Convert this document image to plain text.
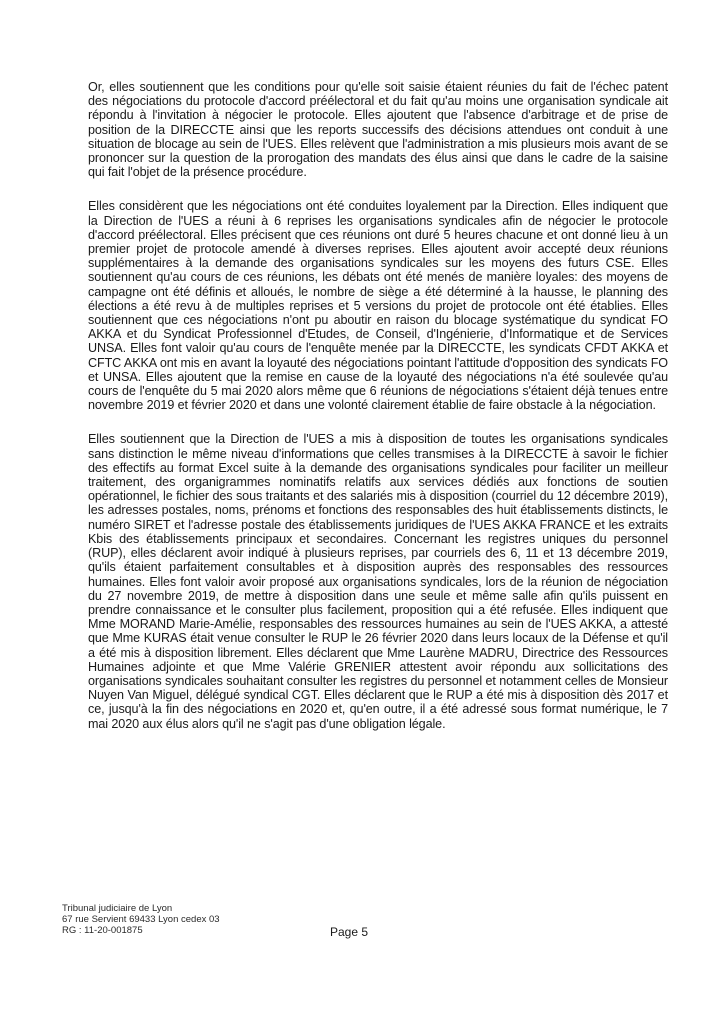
Or, elles soutiennent que les conditions pour qu'elle soit saisie étaient réunies du fait de l'échec patent des négociations du protocole d'accord préélectoral et du fait qu'au moins une organisation syndicale ait répondu à l'invitation à négocier le protocole. Elles ajoutent que l'absence d'arbitrage et de prise de position de la DIRECCTE ainsi que les reports successifs des décisions attendues ont conduit à une situation de blocage au sein de l'UES. Elles relèvent que l'administration a mis plusieurs mois avant de se prononcer sur la question de la prorogation des mandats des élus ainsi que dans le cadre de la saisine qui fait l'objet de la présence procédure.

Elles considèrent que les négociations ont été conduites loyalement par la Direction. Elles indiquent que la Direction de l'UES a réuni à 6 reprises les organisations syndicales afin de négocier le protocole d'accord préélectoral. Elles précisent que ces réunions ont duré 5 heures chacune et ont donné lieu à un premier projet de protocole amendé à diverses reprises. Elles ajoutent avoir accepté deux réunions supplémentaires à la demande des organisations syndicales sur les moyens des futurs CSE. Elles soutiennent qu'au cours de ces réunions, les débats ont été menés de manière loyales: des moyens de campagne ont été définis et alloués, le nombre de siège a été déterminé à la hausse, le planning des élections a été revu à de multiples reprises et 5 versions du projet de protocole ont été établies. Elles soutiennent que ces négociations n'ont pu aboutir en raison du blocage systématique du syndicat FO AKKA et du Syndicat Professionnel d'Etudes, de Conseil, d'Ingénierie, d'Informatique et de Services UNSA. Elles font valoir qu'au cours de l'enquête menée par la DIRECCTE, les syndicats CFDT AKKA et CFTC AKKA ont mis en avant la loyauté des négociations pointant l'attitude d'opposition des syndicats FO et UNSA. Elles ajoutent que la remise en cause de la loyauté des négociations n'a été soulevée qu'au cours de l'enquête du 5 mai 2020 alors même que 6 réunions de négociations s'étaient déjà tenues entre novembre 2019 et février 2020 et dans une volonté clairement établie de faire obstacle à la négociation.

Elles soutiennent que la Direction de l'UES a mis à disposition de toutes les organisations syndicales sans distinction le même niveau d'informations que celles transmises à la DIRECCTE à savoir le fichier des effectifs au format Excel suite à la demande des organisations syndicales pour faciliter un meilleur traitement, des organigrammes nominatifs relatifs aux services dédiés aux fonctions de soutien opérationnel, le fichier des sous traitants et des salariés mis à disposition (courriel du 12 décembre 2019), les adresses postales, noms, prénoms et fonctions des responsables des huit établissements distincts, le numéro SIRET et l'adresse postale des établissements juridiques de l'UES AKKA FRANCE et les extraits Kbis des établissements principaux et secondaires. Concernant les registres uniques du personnel (RUP), elles déclarent avoir indiqué à plusieurs reprises, par courriels des 6, 11 et 13 décembre 2019, qu'ils étaient parfaitement consultables et à disposition auprès des responsables des ressources humaines. Elles font valoir avoir proposé aux organisations syndicales, lors de la réunion de négociation du 27 novembre 2019, de mettre à disposition dans une seule et même salle afin qu'ils puissent en prendre connaissance et le consulter plus facilement, proposition qui a été refusée. Elles indiquent que Mme MORAND Marie-Amélie, responsables des ressources humaines au sein de l'UES AKKA, a attesté que Mme KURAS était venue consulter le RUP le 26 février 2020 dans leurs locaux de la Défense et qu'il a été mis à disposition librement. Elles déclarent que Mme Laurène MADRU, Directrice des Ressources Humaines adjointe et que Mme Valérie GRENIER attestent avoir répondu aux sollicitations des organisations syndicales souhaitant consulter les registres du personnel et notamment celles de Monsieur Nuyen Van Miguel, délégué syndical CGT. Elles déclarent que le RUP a été mis à disposition dès 2017 et ce, jusqu'à la fin des négociations en 2020 et, qu'en outre, il a été adressé sous format numérique, le 7 mai 2020 aux élus alors qu'il ne s'agit pas d'une obligation légale.

Tribunal judiciaire de Lyon
67 rue Servient 69433 Lyon cedex 03
RG : 11-20-001875	Page 5
